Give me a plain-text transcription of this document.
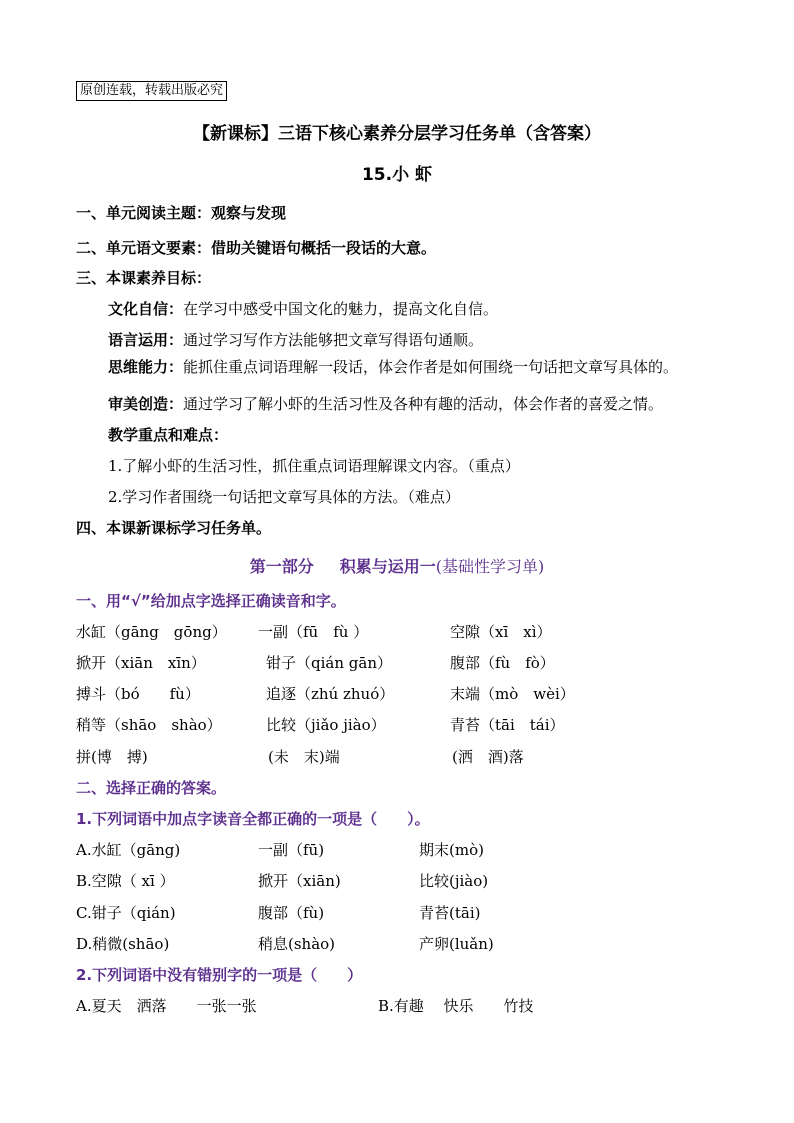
原创连载，转载出版必究
【新课标】三语下核心素养分层学习任务单（含答案）
15.小 虾
一、单元阅读主题：观察与发现
二、单元语文要素：借助关键语句概括一段话的大意。
三、本课素养目标：
文化自信：在学习中感受中国文化的魅力，提高文化自信。
语言运用：通过学习写作方法能够把文章写得语句通顺。
思维能力：能抓住重点词语理解一段话，体会作者是如何围绕一句话把文章写具体的。
审美创造：通过学习了解小虾的生活习性及各种有趣的活动，体会作者的喜爱之情。
教学重点和难点：
1.了解小虾的生活习性，抓住重点词语理解课文内容。（重点）
2.学习作者围绕一句话把文章写具体的方法。（难点）
四、本课新课标学习任务单。
第一部分 积累与运用一(基础性学习单)
一、用“√”给加点字选择正确读音和字。
水缸（gāng　gōng） 一副（fū　fù ）	空隙（xī　xì）
掀开（xiān　xīn）	钳子（qián gān）	腹部（fù　fò）
搏斗（bó　　fù）	追逐（zhú zhuó）	末端（mò　wèi）
稍等（shāo　shào）	比较（jiǎo jiào）	青苔（tāi　tái）
拼(博　搏)	(未　末)端	(洒　酒)落
二、选择正确的答案。
1.下列词语中加点字读音全都正确的一项是（　　）。
A.水缸（gāng)	一副（fū)	期末(mò)
B.空隙（ xī ）	掀开（xiān)	比较(jiào)
C.钳子（qián)	腹部（fù)	青苔(tāi)
D.稍微(shāo)	稍息(shào)	产卵(luǎn)
2.下列词语中没有错别字的一项是（　　）
A.夏天　洒落　　一张一张	B.有趣　 快乐　　竹技
